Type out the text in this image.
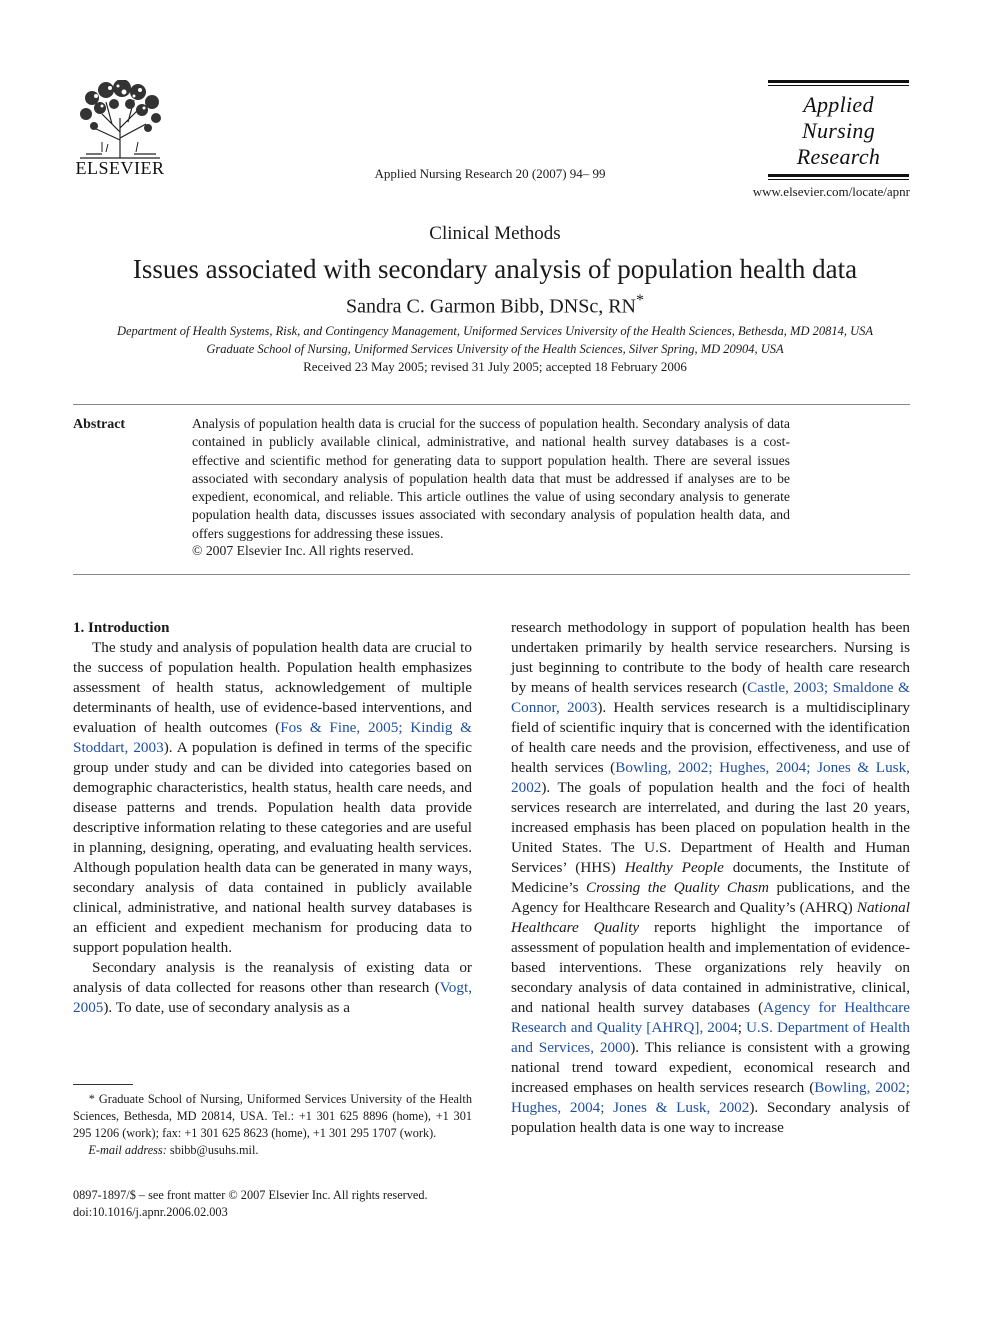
ELSEVIER	Applied Nursing Research 20 (2007) 94– 99
Applied
Nursing
Research
www.elsevier.com/locate/apnr
Clinical Methods
Issues associated with secondary analysis of population health data
Sandra C. Garmon Bibb, DNSc, RN*
Department of Health Systems, Risk, and Contingency Management, Uniformed Services University of the Health Sciences, Bethesda, MD 20814, USA
Graduate School of Nursing, Uniformed Services University of the Health Sciences, Silver Spring, MD 20904, USA
Received 23 May 2005; revised 31 July 2005; accepted 18 February 2006
Abstract	Analysis of population health data is crucial for the success of population health. Secondary analysis of data contained in publicly available clinical, administrative, and national health survey databases is a cost-effective and scientific method for generating data to support population health. There are several issues associated with secondary analysis of population health data that must be addressed if analyses are to be expedient, economical, and reliable. This article outlines the value of using secondary analysis to generate population health data, discusses issues associated with secondary analysis of population health data, and offers suggestions for addressing these issues.
© 2007 Elsevier Inc. All rights reserved.

1. Introduction

The study and analysis of population health data are crucial to the success of population health. Population health emphasizes assessment of health status, acknowledgement of multiple determinants of health, use of evidence-based interventions, and evaluation of health outcomes (Fos & Fine, 2005; Kindig & Stoddart, 2003). A population is defined in terms of the specific group under study and can be divided into categories based on demographic characteristics, health status, health care needs, and disease patterns and trends. Population health data provide descriptive information relating to these categories and are useful in planning, designing, operating, and evaluating health services. Although population health data can be generated in many ways, secondary analysis of data contained in publicly available clinical, administrative, and national health survey databases is an efficient and expedient mechanism for producing data to support population health.

Secondary analysis is the reanalysis of existing data or analysis of data collected for reasons other than research (Vogt, 2005). To date, use of secondary analysis as a

research methodology in support of population health has been undertaken primarily by health service researchers. Nursing is just beginning to contribute to the body of health care research by means of health services research (Castle, 2003; Smaldone & Connor, 2003). Health services research is a multidisciplinary field of scientific inquiry that is concerned with the identification of health care needs and the provision, effectiveness, and use of health services (Bowling, 2002; Hughes, 2004; Jones & Lusk, 2002). The goals of population health and the foci of health services research are interrelated, and during the last 20 years, increased emphasis has been placed on population health in the United States. The U.S. Department of Health and Human Services’ (HHS) Healthy People documents, the Institute of Medicine’s Crossing the Quality Chasm publications, and the Agency for Healthcare Research and Quality’s (AHRQ) National Healthcare Quality reports highlight the importance of assessment of population health and implementation of evidence-based interventions. These organizations rely heavily on secondary analysis of data contained in administrative, clinical, and national health survey databases (Agency for Healthcare Research and Quality [AHRQ], 2004; U.S. Department of Health and Services, 2000). This reliance is consistent with a growing national trend toward expedient, economical research and increased emphases on health services research (Bowling, 2002; Hughes, 2004; Jones & Lusk, 2002). Secondary analysis of population health data is one way to increase

* Graduate School of Nursing, Uniformed Services University of the Health Sciences, Bethesda, MD 20814, USA. Tel.: +1 301 625 8896 (home), +1 301 295 1206 (work); fax: +1 301 625 8623 (home), +1 301 295 1707 (work).
E-mail address: sbibb@usuhs.mil.
0897-1897/$ – see front matter © 2007 Elsevier Inc. All rights reserved.
doi:10.1016/j.apnr.2006.02.003
